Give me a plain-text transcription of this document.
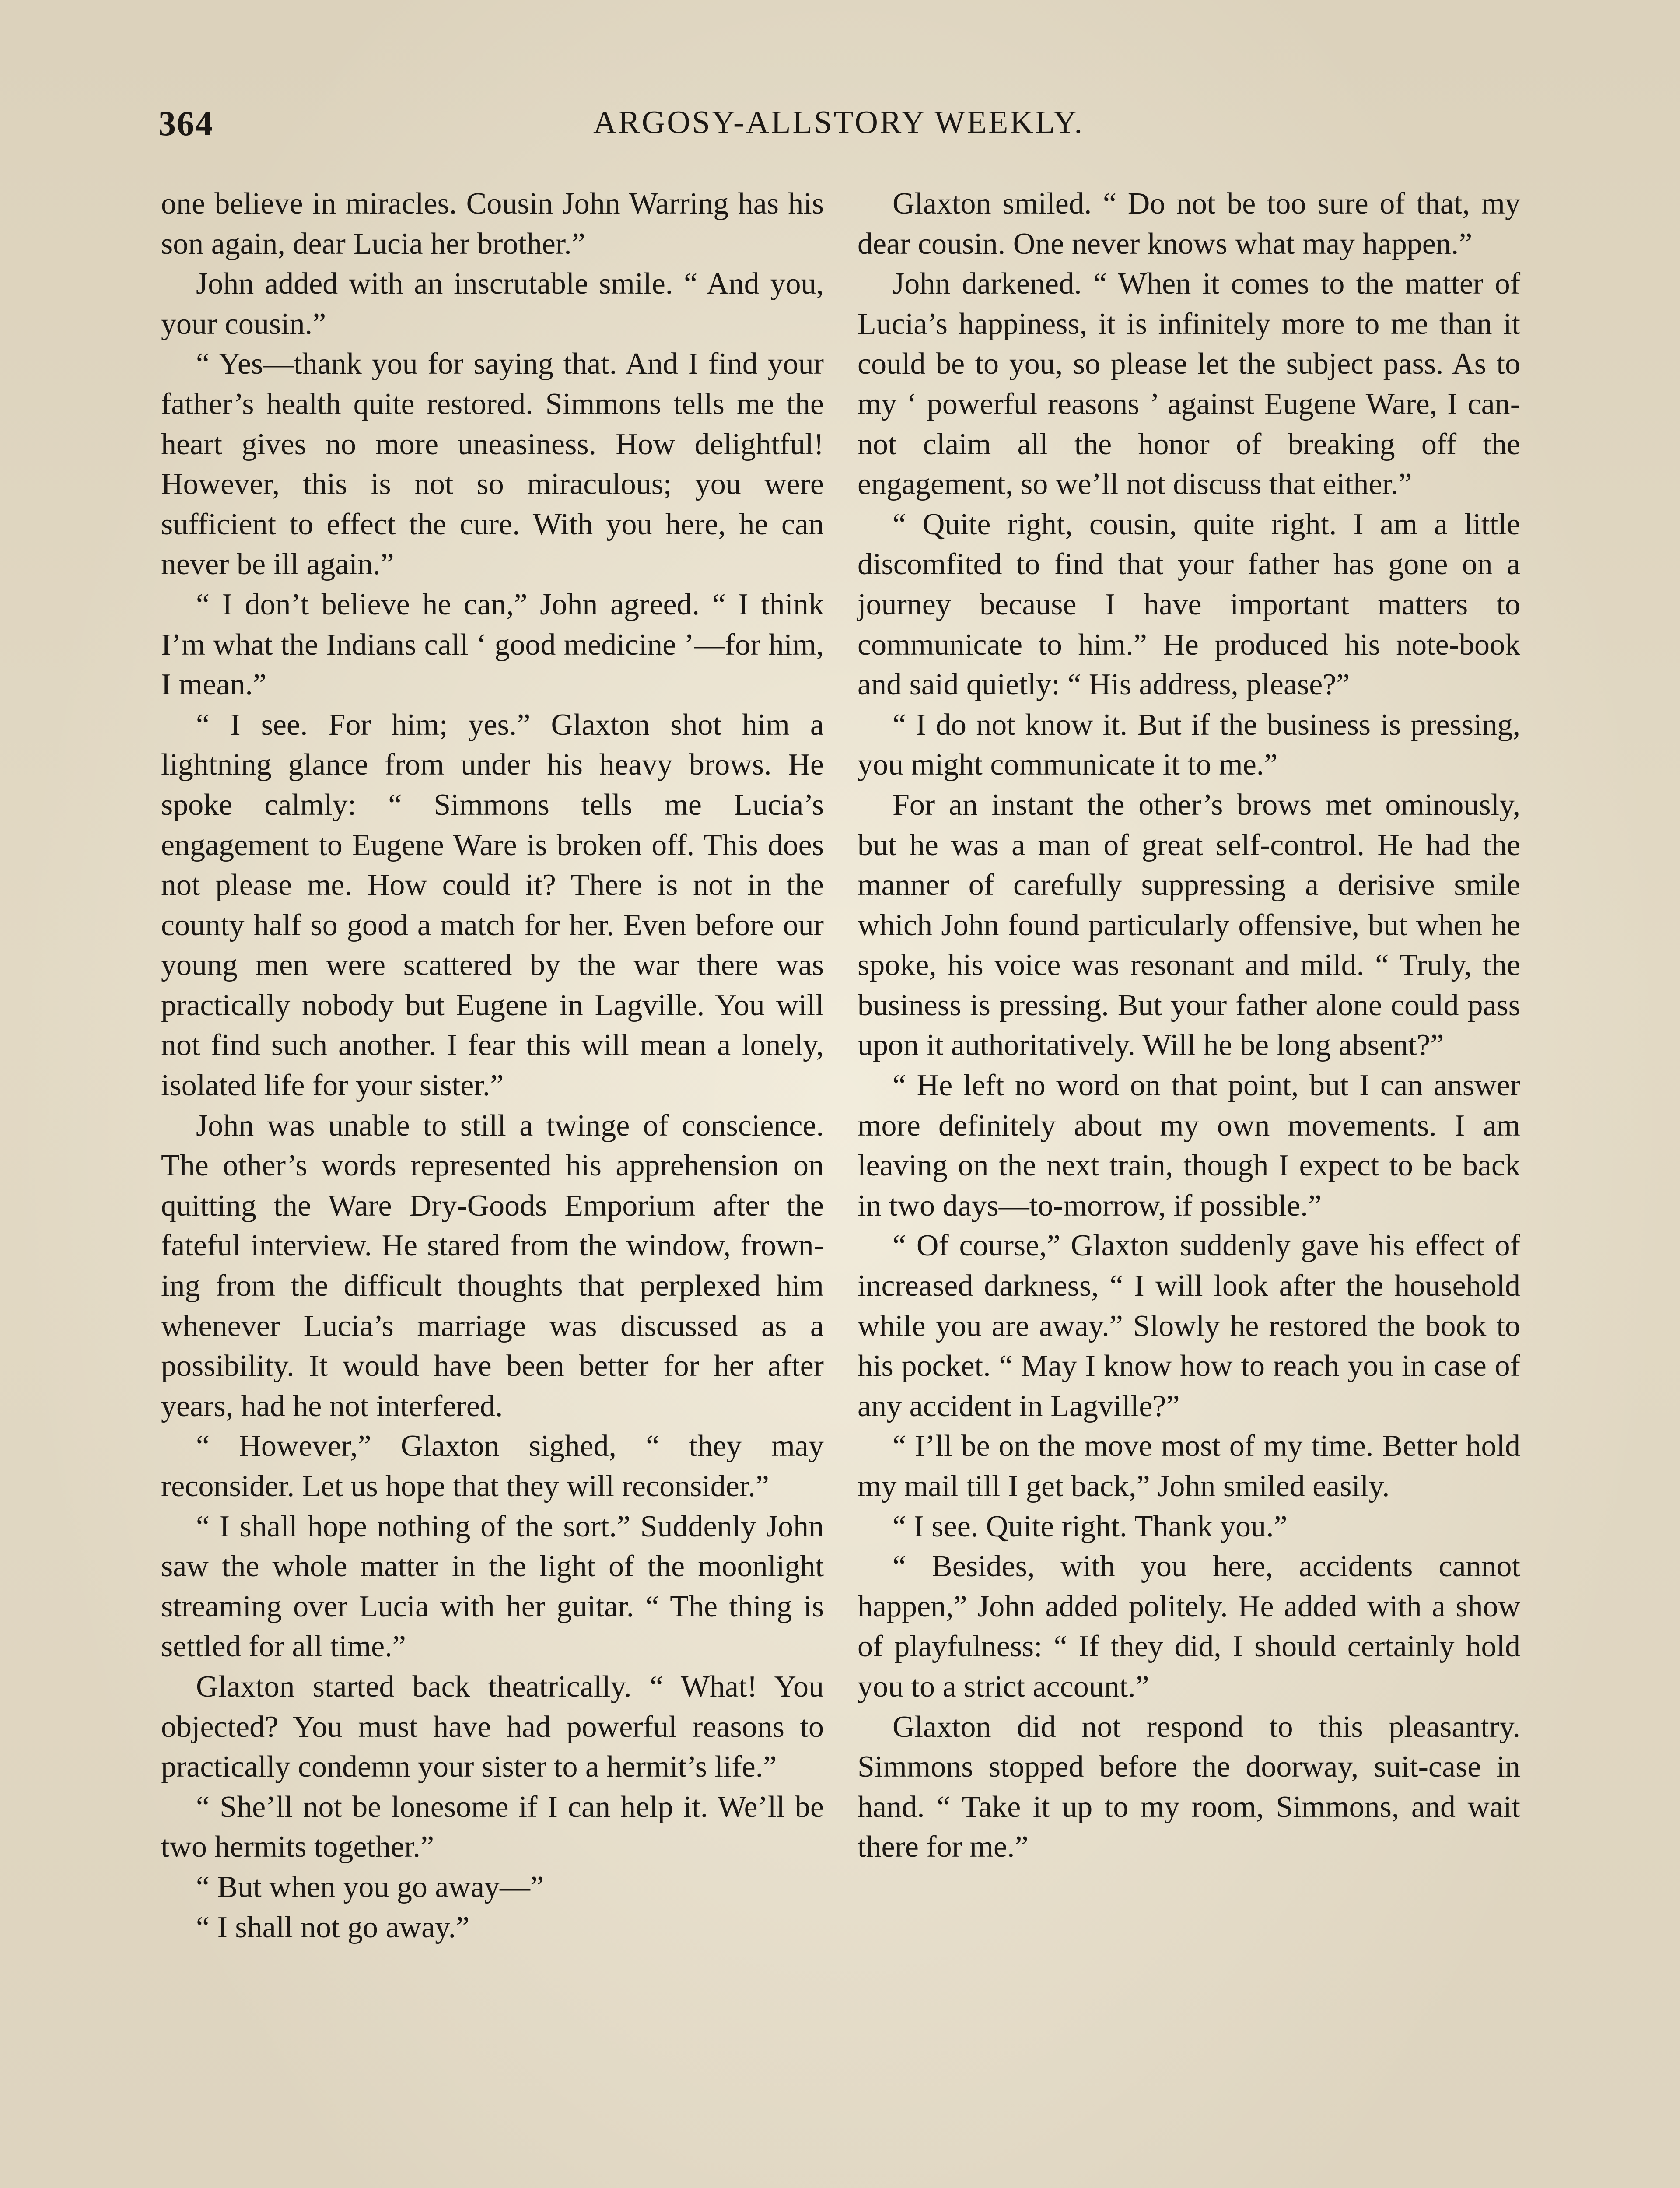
364	ARGOSY-ALLSTORY WEEKLY.

one believe in miracles. Cousin John Warring has his son again, dear Lucia her brother.”

John added with an inscrutable smile. “ And you, your cousin.”

“ Yes—thank you for saying that. And I find your father’s health quite restored. Simmons tells me the heart gives no more uneasiness. How delightful! However, this is not so miraculous; you were sufficient to effect the cure. With you here, he can never be ill again.”

“ I don’t believe he can,” John agreed. “ I think I’m what the Indians call ‘ good medicine ’—for him, I mean.”

“ I see. For him; yes.” Glaxton shot him a lightning glance from under his heavy brows. He spoke calmly: “ Simmons tells me Lucia’s engagement to Eugene Ware is broken off. This does not please me. How could it? There is not in the county half so good a match for her. Even before our young men were scattered by the war there was practically nobody but Eugene in Lagville. You will not find such another. I fear this will mean a lonely, isolated life for your sister.”

John was unable to still a twinge of conscience. The other’s words represented his apprehension on quitting the Ware Dry-Goods Emporium after the fateful interview. He stared from the window, frowning from the difficult thoughts that perplexed him whenever Lucia’s marriage was discussed as a possibility. It would have been better for her after years, had he not interfered.

“ However,” Glaxton sighed, “ they may reconsider. Let us hope that they will reconsider.”

“ I shall hope nothing of the sort.” Suddenly John saw the whole matter in the light of the moonlight streaming over Lucia with her guitar. “ The thing is settled for all time.”

Glaxton started back theatrically. “ What! You objected? You must have had powerful reasons to practically condemn your sister to a hermit’s life.”

“ She’ll not be lonesome if I can help it. We’ll be two hermits together.”

“ But when you go away—”

“ I shall not go away.”

Glaxton smiled. “ Do not be too sure of that, my dear cousin. One never knows what may happen.”

John darkened. “ When it comes to the matter of Lucia’s happiness, it is infinitely more to me than it could be to you, so please let the subject pass. As to my ‘ powerful reasons ’ against Eugene Ware, I cannot claim all the honor of breaking off the engagement, so we’ll not discuss that either.”

“ Quite right, cousin, quite right. I am a little discomfited to find that your father has gone on a journey because I have important matters to communicate to him.” He produced his note-book and said quietly: “ His address, please?”

“ I do not know it. But if the business is pressing, you might communicate it to me.”

For an instant the other’s brows met ominously, but he was a man of great self-control. He had the manner of carefully suppressing a derisive smile which John found particularly offensive, but when he spoke, his voice was resonant and mild. “ Truly, the business is pressing. But your father alone could pass upon it authoritatively. Will he be long absent?”

“ He left no word on that point, but I can answer more definitely about my own movements. I am leaving on the next train, though I expect to be back in two days—to-morrow, if possible.”

“ Of course,” Glaxton suddenly gave his effect of increased darkness, “ I will look after the household while you are away.” Slowly he restored the book to his pocket. “ May I know how to reach you in case of any accident in Lagville?”

“ I’ll be on the move most of my time. Better hold my mail till I get back,” John smiled easily.

“ I see. Quite right. Thank you.”

“ Besides, with you here, accidents cannot happen,” John added politely. He added with a show of playfulness: “ If they did, I should certainly hold you to a strict account.”

Glaxton did not respond to this pleasantry. Simmons stopped before the doorway, suit-case in hand. “ Take it up to my room, Simmons, and wait there for me.”
